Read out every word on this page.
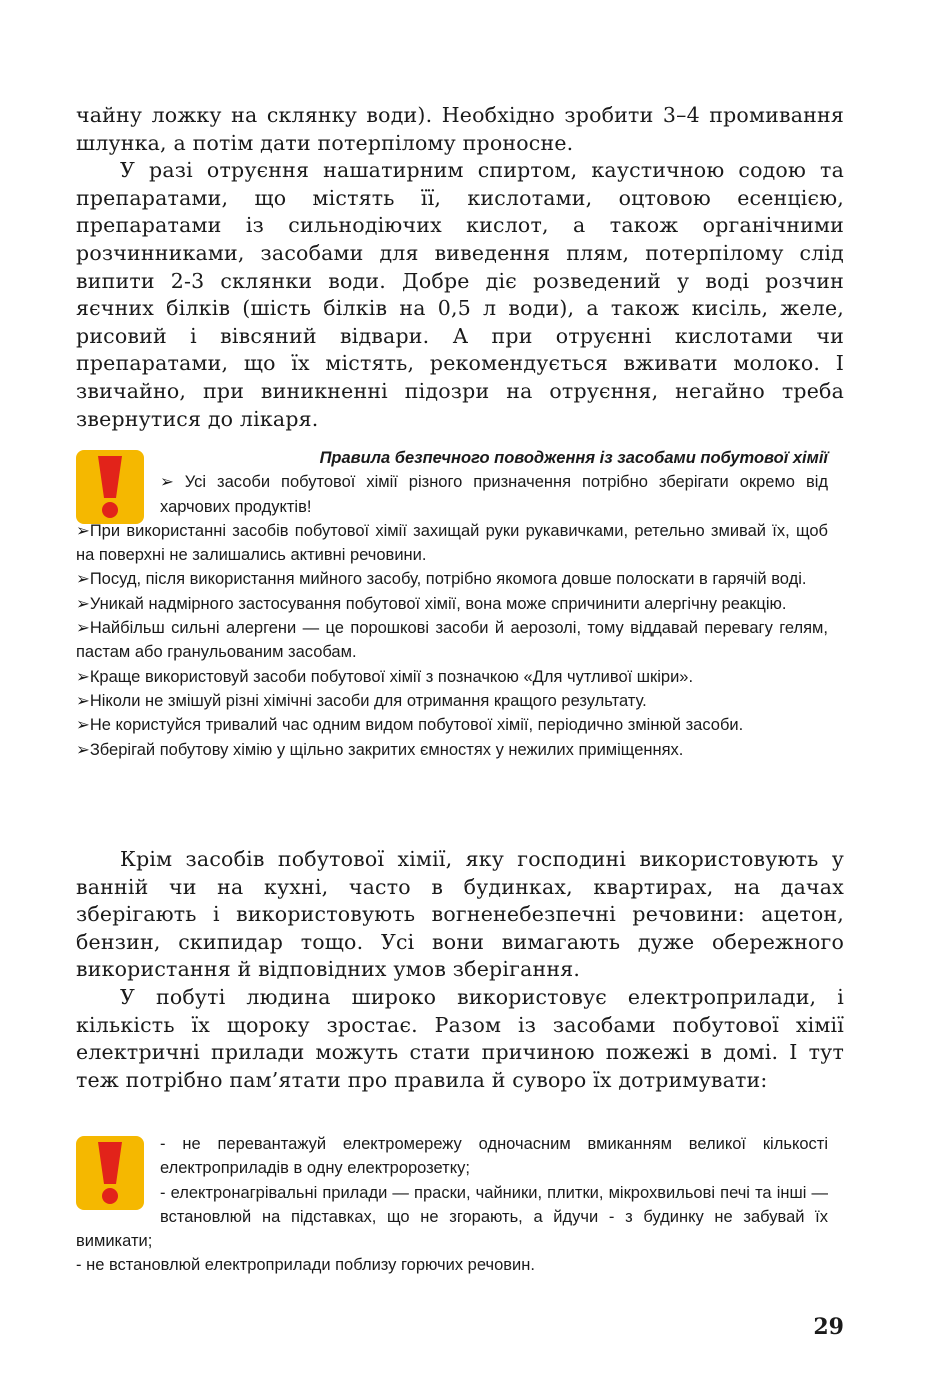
чайну ложку на склянку води). Необхідно зробити 3–4 промивання шлунка, а потім дати потерпілому проносне.

У разі отруєння нашатирним спиртом, каустичною содою та препаратами, що містять її, кислотами, оцтовою есенцією, препаратами із сильнодіючих кислот, а також органічними розчинниками, засобами для виведення плям, потерпілому слід випити 2-3 склянки води. Добре діє розведений у воді розчин яєчних білків (шість білків на 0,5 л води), а також кисіль, желе, рисовий і вівсяний відвари. А при отруєнні кислотами чи препаратами, що їх містять, рекомендується вживати молоко. І звичайно, при виникненні підозри на отруєння, негайно треба звернутися до лікаря.

Правила безпечного поводження із засобами побутової хімії

➢ Усі засоби побутової хімії різного призначення потрібно зберігати окремо від харчових продуктів!

➢При використанні засобів побутової хімії захищай руки рукавичками, ретельно змивай їх, щоб на поверхні не залишались активні речовини.

➢Посуд, після використання мийного засобу, потрібно якомога довше полоскати в гарячій воді.

➢Уникай надмірного застосування побутової хімії, вона може спричинити алергічну реакцію.

➢Найбільш сильні алергени — це порошкові засоби й аерозолі, тому віддавай перевагу гелям, пастам або гранульованим засобам.

➢Краще використовуй засоби побутової хімії з позначкою «Для чутливої шкіри».

➢Ніколи не змішуй різні хімічні засоби для отримання кращого результату.

➢Не користуйся тривалий час одним видом побутової хімії, періодично змінюй засоби.

➢Зберігай побутову хімію у щільно закритих ємностях у нежилих приміщеннях.

Крім засобів побутової хімії, яку господині використовують у ванній чи на кухні, часто в будинках, квартирах, на дачах зберігають і використовують вогненебезпечні речовини: ацетон, бензин, скипидар тощо. Усі вони вимагають дуже обережного використання й відповідних умов зберігання.

У побуті людина широко використовує електроприлади, і кількість їх щороку зростає. Разом із засобами побутової хімії електричні прилади можуть стати причиною пожежі в домі. І тут теж потрібно пам’ятати про правила й суворо їх дотримувати:

- не перевантажуй електромережу одночасним вмиканням великої кількості електроприладів в одну електророзетку;

- електронагрівальні прилади — праски, чайники, плитки, мікрохвильові печі та інші — встановлюй на підставках, що не згорають, а йдучи - з будинку не забувай їх вимикати;

- не встановлюй електроприлади поблизу горючих речовин.

29
